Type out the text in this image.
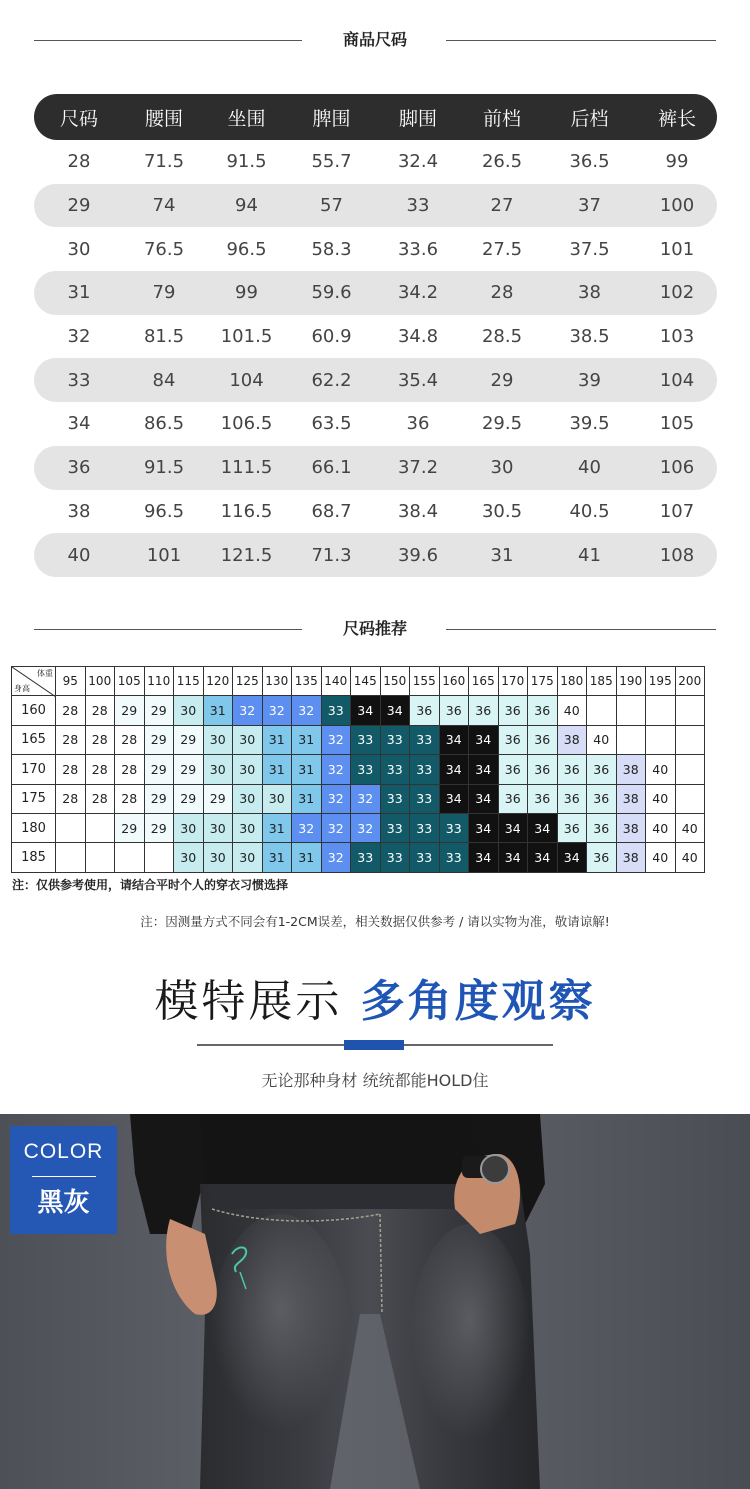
商品尺码
尺码	腰围	坐围	脾围	脚围	前档	后档	裤长
28	71.5	91.5	55.7	32.4	26.5	36.5	99
29	74	94	57	33	27	37	100
30	76.5	96.5	58.3	33.6	27.5	37.5	101
31	79	99	59.6	34.2	28	38	102
32	81.5	101.5	60.9	34.8	28.5	38.5	103
33	84	104	62.2	35.4	29	39	104
34	86.5	106.5	63.5	36	29.5	39.5	105
36	91.5	111.5	66.1	37.2	30	40	106
38	96.5	116.5	68.7	38.4	30.5	40.5	107
40	101	121.5	71.3	39.6	31	41	108
尺码推荐
体重
身高	95	100	105	110	115	120	125	130	135	140	145	150	155	160	165	170	175	180	185	190	195	200
160	28	28	29	29	30	31	32	32	32	33	34	34	36	36	36	36	36	40				
165	28	28	28	29	29	30	30	31	31	32	33	33	33	34	34	36	36	38	40			
170	28	28	28	29	29	30	30	31	31	32	33	33	33	34	34	36	36	36	36	38	40	
175	28	28	28	29	29	29	30	30	31	32	32	33	33	34	34	36	36	36	36	38	40	
180			29	29	30	30	30	31	32	32	32	33	33	33	34	34	34	36	36	38	40	40
185					30	30	30	31	31	32	33	33	33	33	34	34	34	34	36	38	40	40
注：仅供参考使用，请结合平时个人的穿衣习惯选择
注：因测量方式不同会有1-2CM误差，相关数据仅供参考 / 请以实物为准，敬请谅解!
模特展示 多角度观察
无论那种身材 统统都能HOLD住
COLOR
黑灰
